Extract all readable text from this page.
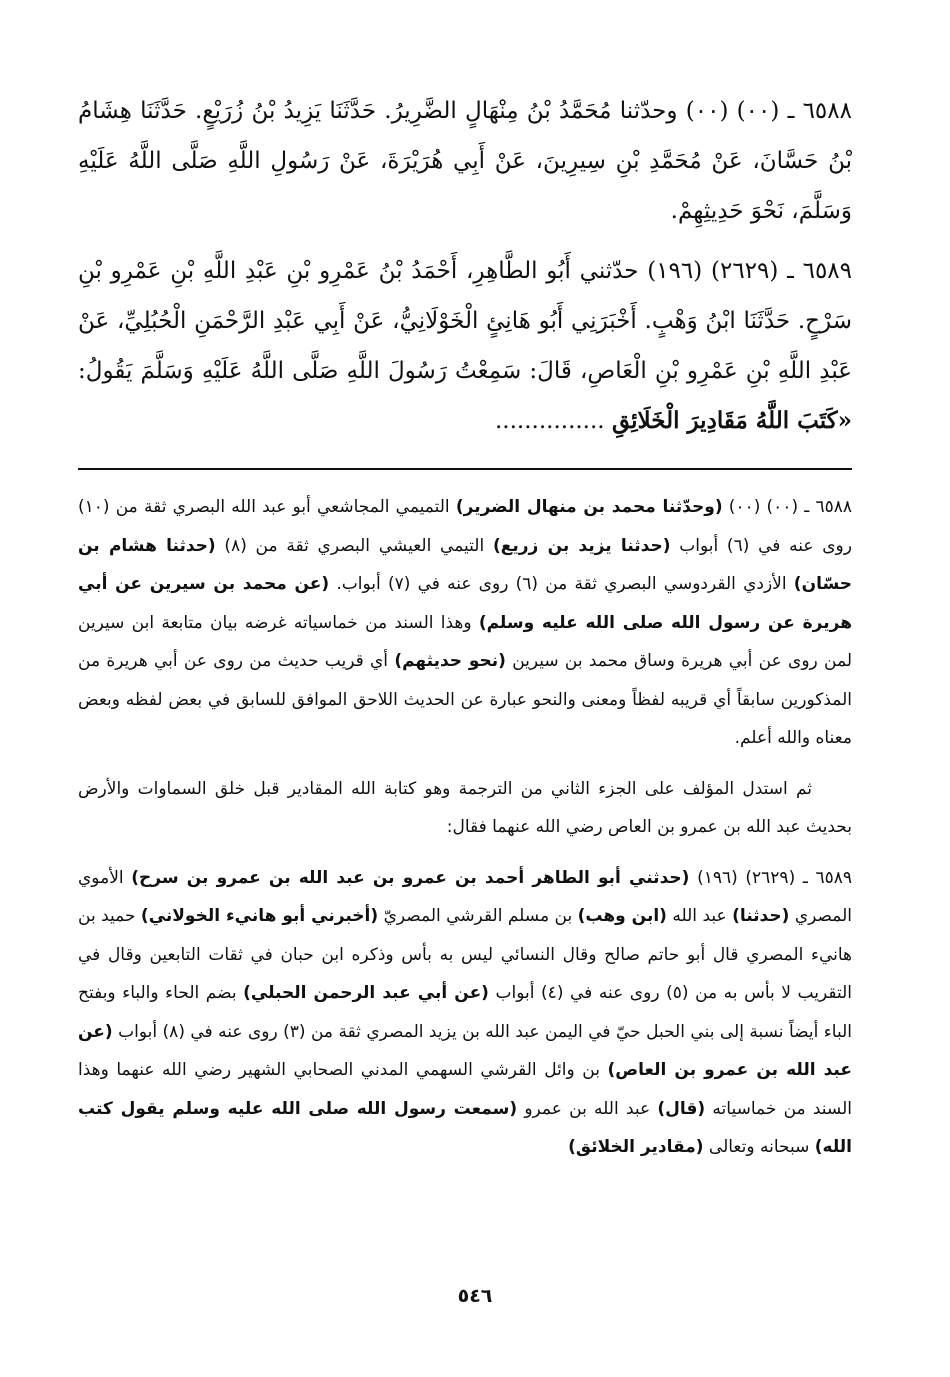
٦٥٨٨ ـ (٠٠) (٠٠) وحدّثنا مُحَمَّدُ بْنُ مِنْهَالٍ الضَّرِيرُ. حَدَّثَنَا يَزِيدُ بْنُ زُرَيْعٍ. حَدَّثَنَا هِشَامُ بْنُ حَسَّانَ، عَنْ مُحَمَّدِ بْنِ سِيرِينَ، عَنْ أَبِي هُرَيْرَةَ، عَنْ رَسُولِ اللَّهِ صَلَّى اللَّهُ عَلَيْهِ وَسَلَّمَ، نَحْوَ حَدِيثِهِمْ.

٦٥٨٩ ـ (٢٦٢٩) (١٩٦) حدّثني أَبُو الطَّاهِرِ، أَحْمَدُ بْنُ عَمْرِو بْنِ عَبْدِ اللَّهِ بْنِ عَمْرِو بْنِ سَرْحٍ. حَدَّثَنَا ابْنُ وَهْبٍ. أَخْبَرَنِي أَبُو هَانِئٍ الْخَوْلَانِيُّ، عَنْ أَبِي عَبْدِ الرَّحْمَنِ الْحُبُلِيِّ، عَنْ عَبْدِ اللَّهِ بْنِ عَمْرِو بْنِ الْعَاصِ، قَالَ: سَمِعْتُ رَسُولَ اللَّهِ صَلَّى اللَّهُ عَلَيْهِ وَسَلَّمَ يَقُولُ: «كَتَبَ اللَّهُ مَقَادِيرَ الْخَلَائِقِ ...............

٦٥٨٨ ـ (٠٠) (٠٠) (وحدّثنا محمد بن منهال الضرير) التميمي المجاشعي أبو عبد الله البصري ثقة من (١٠) روى عنه في (٦) أبواب (حدثنا يزيد بن زريع) التيمي العيشي البصري ثقة من (٨) (حدثنا هشام بن حسّان) الأزدي القردوسي البصري ثقة من (٦) روى عنه في (٧) أبواب. (عن محمد بن سيرين عن أبي هريرة عن رسول الله صلى الله عليه وسلم) وهذا السند من خماسياته غرضه بيان متابعة ابن سيرين لمن روى عن أبي هريرة وساق محمد بن سيرين (نحو حديثهم) أي قريب حديث من روى عن أبي هريرة من المذكورين سابقاً أي قريبه لفظاً ومعنى والنحو عبارة عن الحديث اللاحق الموافق للسابق في بعض لفظه وبعض معناه والله أعلم.

ثم استدل المؤلف على الجزء الثاني من الترجمة وهو كتابة الله المقادير قبل خلق السماوات والأرض بحديث عبد الله بن عمرو بن العاص رضي الله عنهما فقال:

٦٥٨٩ ـ (٢٦٢٩) (١٩٦) (حدثني أبو الطاهر أحمد بن عمرو بن عبد الله بن عمرو بن سرح) الأموي المصري (حدثنا) عبد الله (ابن وهب) بن مسلم القرشي المصريّ (أخبرني أبو هانيء الخولاني) حميد بن هانيء المصري قال أبو حاتم صالح وقال النسائي ليس به بأس وذكره ابن حبان في ثقات التابعين وقال في التقريب لا بأس به من (٥) روى عنه في (٤) أبواب (عن أبي عبد الرحمن الحبلي) بضم الحاء والباء وبفتح الباء أيضاً نسبة إلى بني الحبل حيّ في اليمن عبد الله بن يزيد المصري ثقة من (٣) روى عنه في (٨) أبواب (عن عبد الله بن عمرو بن العاص) بن وائل القرشي السهمي المدني الصحابي الشهير رضي الله عنهما وهذا السند من خماسياته (قال) عبد الله بن عمرو (سمعت رسول الله صلى الله عليه وسلم يقول كتب الله) سبحانه وتعالى (مقادير الخلائق)

٥٤٦
